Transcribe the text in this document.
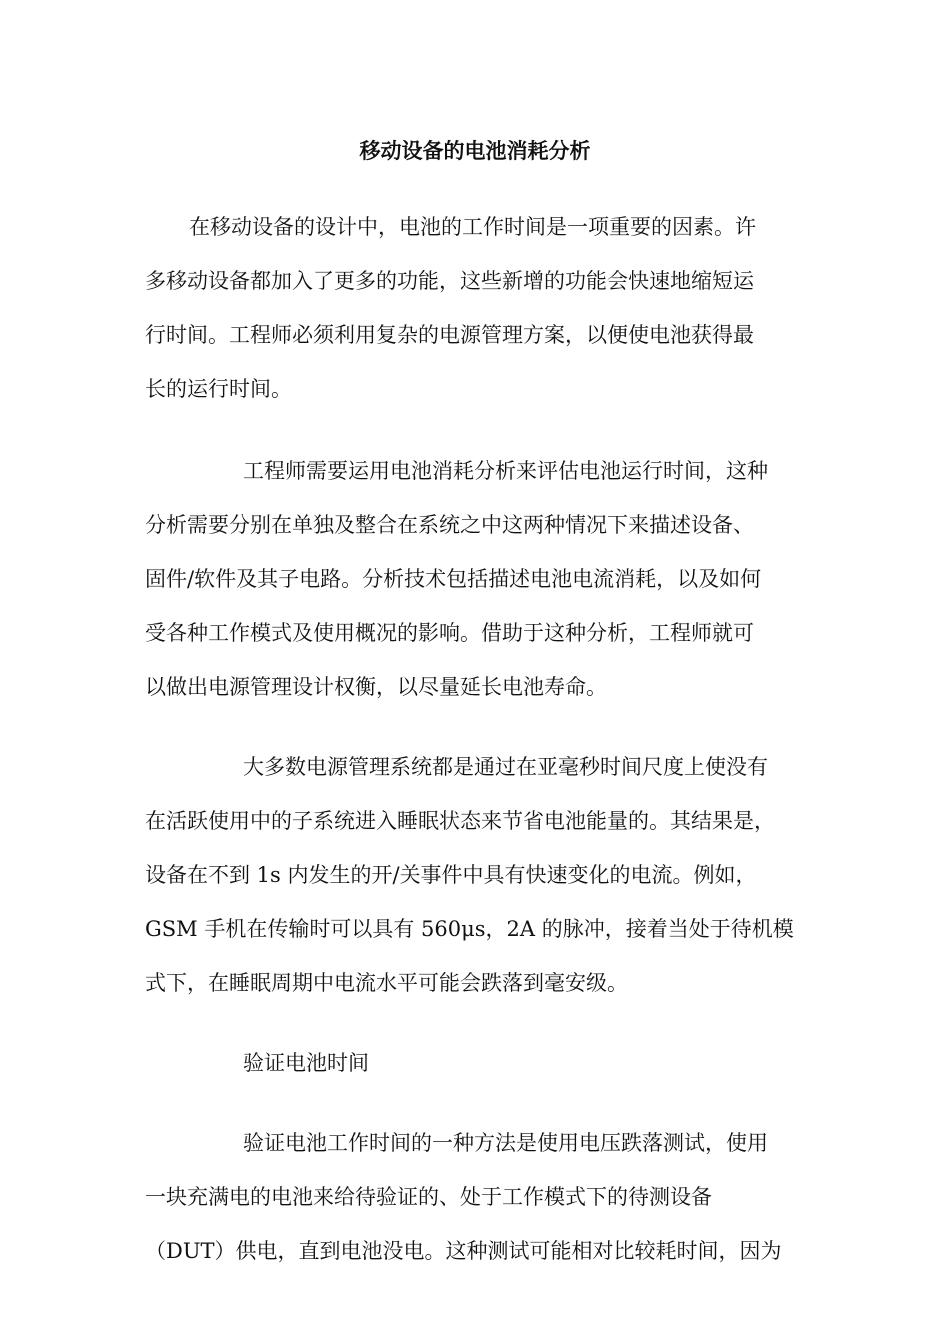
移动设备的电池消耗分析
在移动设备的设计中，电池的工作时间是一项重要的因素。许
多移动设备都加入了更多的功能，这些新增的功能会快速地缩短运
行时间。工程师必须利用复杂的电源管理方案，以便使电池获得最
长的运行时间。
工程师需要运用电池消耗分析来评估电池运行时间，这种
分析需要分别在单独及整合在系统之中这两种情况下来描述设备、
固件/软件及其子电路。分析技术包括描述电池电流消耗，以及如何
受各种工作模式及使用概况的影响。借助于这种分析，工程师就可
以做出电源管理设计权衡，以尽量延长电池寿命。
大多数电源管理系统都是通过在亚毫秒时间尺度上使没有
在活跃使用中的子系统进入睡眠状态来节省电池能量的。其结果是，
设备在不到 1s 内发生的开/关事件中具有快速变化的电流。例如，
GSM 手机在传输时可以具有 560μs，2A 的脉冲，接着当处于待机模
式下，在睡眠周期中电流水平可能会跌落到毫安级。
验证电池时间
验证电池工作时间的一种方法是使用电压跌落测试，使用
一块充满电的电池来给待验证的、处于工作模式下的待测设备
（DUT）供电，直到电池没电。这种测试可能相对比较耗时间，因为
